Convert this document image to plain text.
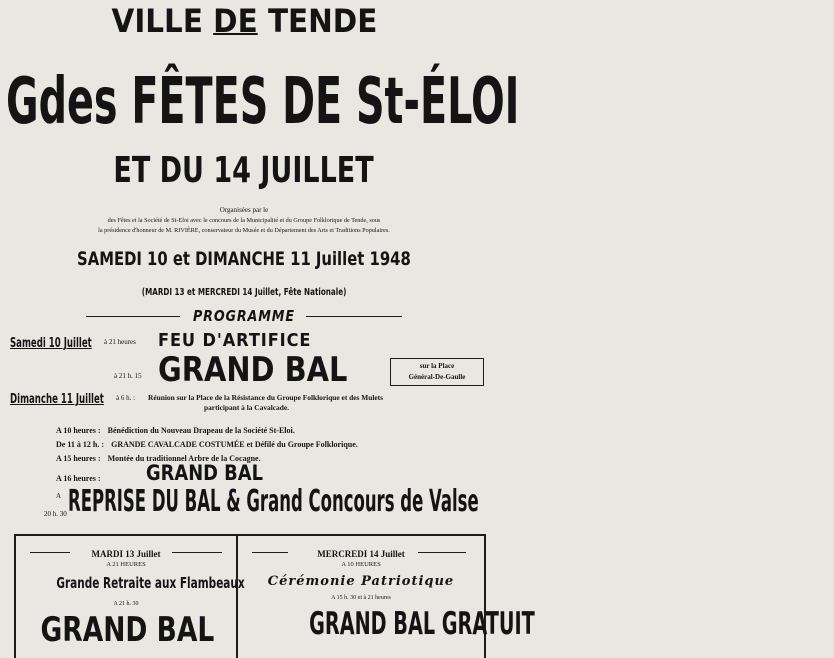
VILLE DE TENDE
Gdes FÊTES DE St-ÉLOI
ET DU 14 JUILLET
Organisées par le
des Fêtes et la Société de St-Eloi avec le concours de la Municipalité et du Groupe Folklorique de Tende, sous
la présidence d'honneur de M. RIVIÈRE, conservateur du Musée et du Département des Arts et Traditions Populaires.
SAMEDI 10 et DIMANCHE 11 Juillet 1948
(MARDI 13 et MERCREDI 14 Juillet, Fête Nationale)
PROGRAMME
Samedi 10 Juillet	à 21 heures FEU D'ARTIFICE
à 21 h. 15 GRAND BAL	sur la Place
Général-De-Gaulle
Dimanche 11 Juillet	à 6 h. : Réunion sur la Place de la Résistance du Groupe Folklorique et des Mulets
participant à la Cavalcade.
A 10 heures : Bénédiction du Nouveau Drapeau de la Société St-Eloi.
De 11 à 12 h. : GRANDE CAVALCADE COSTUMÉE et Défilé du Groupe Folklorique.
A 15 heures : Montée du traditionnel Arbre de la Cocagne.
A 16 heures : GRAND BAL
A
20 h. 30 REPRISE DU BAL & Grand Concours de Valse
MARDI 13 Juillet
A 21 HEURES
Grande Retraite aux Flambeaux
A 21 h. 30
GRAND BAL
MERCREDI 14 Juillet
A 10 HEURES
Cérémonie Patriotique
A 15 h. 30 et à 21 heures
GRAND BAL GRATUIT
